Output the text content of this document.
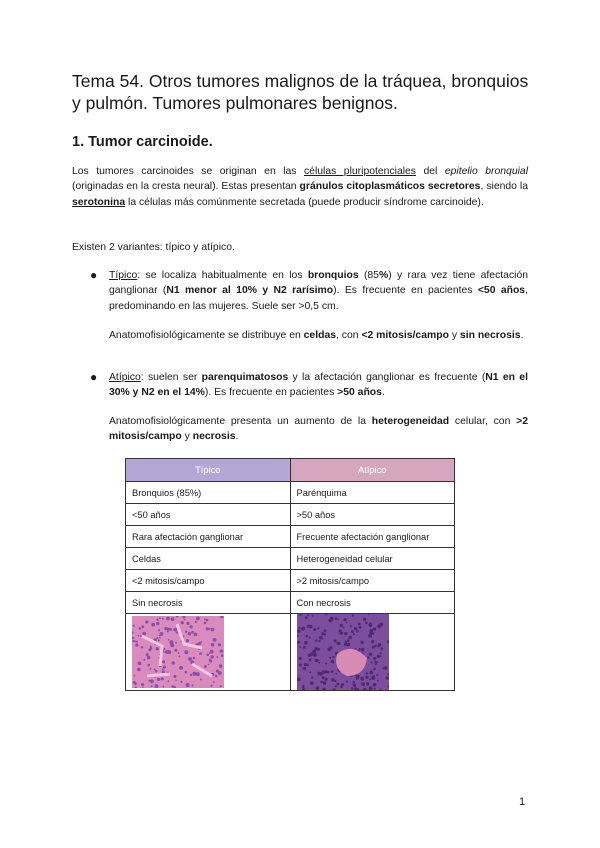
Tema 54. Otros tumores malignos de la tráquea, bronquios y pulmón. Tumores pulmonares benignos.
1. Tumor carcinoide.

Los tumores carcinoides se originan en las células pluripotenciales del epitelio bronquial (originadas en la cresta neural). Estas presentan gránulos citoplasmáticos secretores, siendo la serotonina la células más comúnmente secretada (puede producir síndrome carcinoide).

Existen 2 variantes: típico y atípico.

● Típico: se localiza habitualmente en los bronquios (85%) y rara vez tiene afectación ganglionar (N1 menor al 10% y N2 rarísimo). Es frecuente en pacientes <50 años, predominando en las mujeres. Suele ser >0,5 cm.

Anatomofisiológicamente se distribuye en celdas, con <2 mitosis/campo y sin necrosis.

● Atípico: suelen ser parenquimatosos y la afectación ganglionar es frecuente (N1 en el 30% y N2 en el 14%). Es frecuente en pacientes >50 años.

Anatomofisiológicamente presenta un aumento de la heterogeneidad celular, con >2 mitosis/campo y necrosis.

Típico	Atípico
Bronquios (85%)	Parénquima
<50 años	>50 años
Rara afectación ganglionar	Frecuente afectación ganglionar
Celdas	Heterogeneidad celular
<2 mitosis/campo	>2 mitosis/campo
Sin necrosis	Con necrosis

1
